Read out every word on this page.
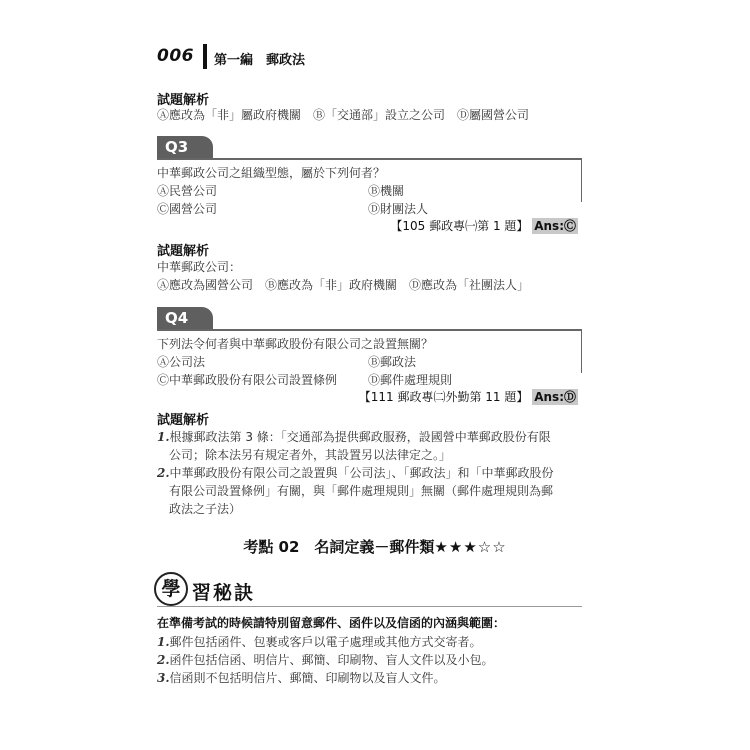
006 第一編　郵政法
試題解析
Ⓐ應改為「非」屬政府機關　Ⓑ「交通部」設立之公司　Ⓓ屬國營公司
Q3
中華郵政公司之組織型態，屬於下列何者？
Ⓐ民營公司	Ⓑ機關
Ⓒ國營公司	Ⓓ財團法人
【105 郵政專㈠第 1 題】 Ans:Ⓒ
試題解析
中華郵政公司：
Ⓐ應改為國營公司　Ⓑ應改為「非」政府機關　Ⓓ應改為「社團法人」
Q4
下列法令何者與中華郵政股份有限公司之設置無關？
Ⓐ公司法	Ⓑ郵政法
Ⓒ中華郵政股份有限公司設置條例	Ⓓ郵件處理規則
【111 郵政專㈡外勤第 11 題】 Ans:Ⓓ
試題解析
1.根據郵政法第 3 條：「交通部為提供郵政服務，設國營中華郵政股份有限
公司；除本法另有規定者外，其設置另以法律定之。」
2.中華郵政股份有限公司之設置與「公司法」、「郵政法」和「中華郵政股份
有限公司設置條例」有關，與「郵件處理規則」無關（郵件處理規則為郵
政法之子法）
考點 02　名詞定義－郵件類★★★☆☆
學 習秘訣
在準備考試的時候請特別留意郵件、函件以及信函的內涵與範圍：
1.郵件包括函件、包裹或客戶以電子處理或其他方式交寄者。
2.函件包括信函、明信片、郵簡、印刷物、盲人文件以及小包。
3.信函則不包括明信片、郵簡、印刷物以及盲人文件。
